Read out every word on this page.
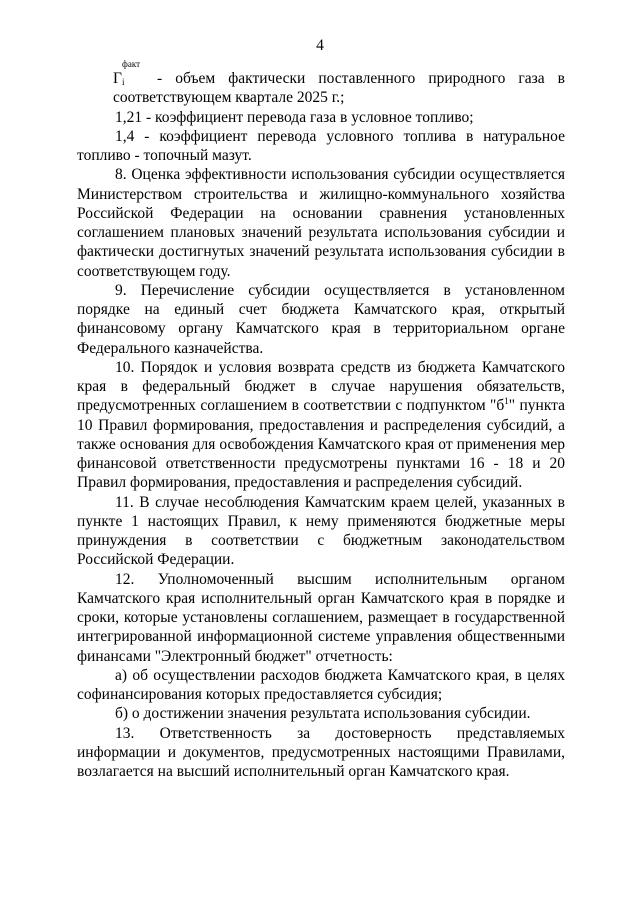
4

Г
факт
i - объем фактически поставленного природного газа в соответствующем квартале 2025 г.;

1,21 - коэффициент перевода газа в условное топливо;

1,4 - коэффициент перевода условного топлива в натуральное топливо - топочный мазут.

8. Оценка эффективности использования субсидии осуществляется Министерством строительства и жилищно-коммунального хозяйства Российской Федерации на основании сравнения установленных соглашением плановых значений результата использования субсидии и фактически достигнутых значений результата использования субсидии в соответствующем году.

9. Перечисление субсидии осуществляется в установленном порядке на единый счет бюджета Камчатского края, открытый финансовому органу Камчатского края в территориальном органе Федерального казначейства.

10. Порядок и условия возврата средств из бюджета Камчатского края в федеральный бюджет в случае нарушения обязательств, предусмотренных соглашением в соответствии с подпунктом "$б^1$" пункта 10 Правил формирования, предоставления и распределения субсидий, а также основания для освобождения Камчатского края от применения мер финансовой ответственности предусмотрены пунктами 16 - 18 и 20 Правил формирования, предоставления и распределения субсидий.

11. В случае несоблюдения Камчатским краем целей, указанных в пункте 1 настоящих Правил, к нему применяются бюджетные меры принуждения в соответствии с бюджетным законодательством Российской Федерации.

12. Уполномоченный высшим исполнительным органом Камчатского края исполнительный орган Камчатского края в порядке и сроки, которые установлены соглашением, размещает в государственной интегрированной информационной системе управления общественными финансами "Электронный бюджет" отчетность:

а) об осуществлении расходов бюджета Камчатского края, в целях софинансирования которых предоставляется субсидия;

б) о достижении значения результата использования субсидии.

13. Ответственность за достоверность представляемых информации и документов, предусмотренных настоящими Правилами, возлагается на высший исполнительный орган Камчатского края.
